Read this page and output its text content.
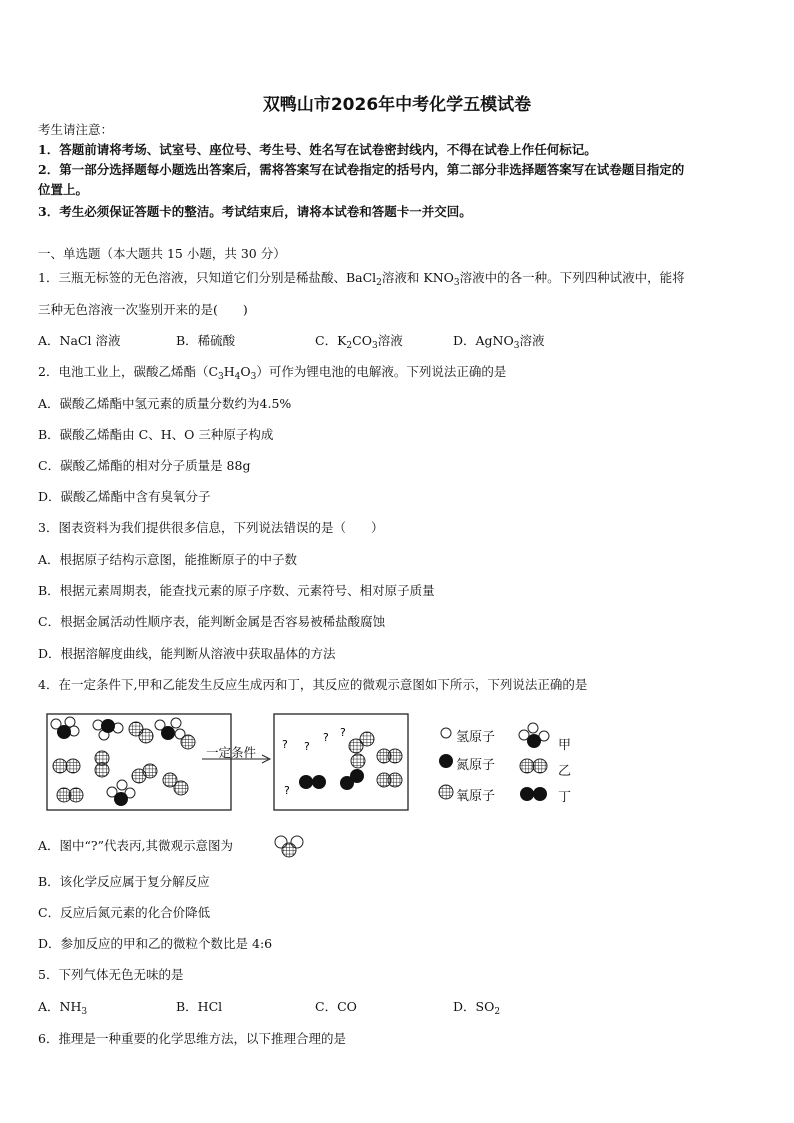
双鸭山市2026年中考化学五模试卷
考生请注意：
1．答题前请将考场、试室号、座位号、考生号、姓名写在试卷密封线内，不得在试卷上作任何标记。
2．第一部分选择题每小题选出答案后，需将答案写在试卷指定的括号内，第二部分非选择题答案写在试卷题目指定的
位置上。
3．考生必须保证答题卡的整洁。考试结束后，请将本试卷和答题卡一并交回。
一、单选题（本大题共 15 小题，共 30 分）
1．三瓶无标签的无色溶液，只知道它们分别是稀盐酸、BaCl$_2$溶液和 $KNO_3$溶液中的各一种。下列四种试液中，能将
三种无色溶液一次鉴别开来的是(　　)
A．NaCl 溶液	B．稀硫酸	C．$K_2CO_3$溶液	D．AgNO$_3$溶液
2．电池工业上，碳酸乙烯酯$(C_3H_4O_3)$可作为锂电池的电解液。下列说法正确的是
A．碳酸乙烯酯中氢元素的质量分数约为4.5%
B．碳酸乙烯酯由 C、H、O 三种原子构成
C．碳酸乙烯酯的相对分子质量是 88g
D．碳酸乙烯酯中含有臭氧分子
3．图表资料为我们提供很多信息，下列说法错误的是（　　）
A．根据原子结构示意图，能推断原子的中子数
B．根据元素周期表，能查找元素的原子序数、元素符号、相对原子质量
C．根据金属活动性顺序表，能判断金属是否容易被稀盐酸腐蚀
D．根据溶解度曲线，能判断从溶液中获取晶体的方法
4．在一定条件下,甲和乙能发生反应生成丙和丁，其反应的微观示意图如下所示，下列说法正确的是
? ?
? ?
?
一定条件
氢原子
氮原子
氧原子
甲
乙
丁
A．图中“?”代表丙,其微观示意图为
B．该化学反应属于复分解反应
C．反应后氮元素的化合价降低
D．参加反应的甲和乙的微粒个数比是 4:6
5．下列气体无色无味的是
A．$NH_3$	B．HCl	C．CO	D．$SO_2$
6．推理是一种重要的化学思维方法，以下推理合理的是
